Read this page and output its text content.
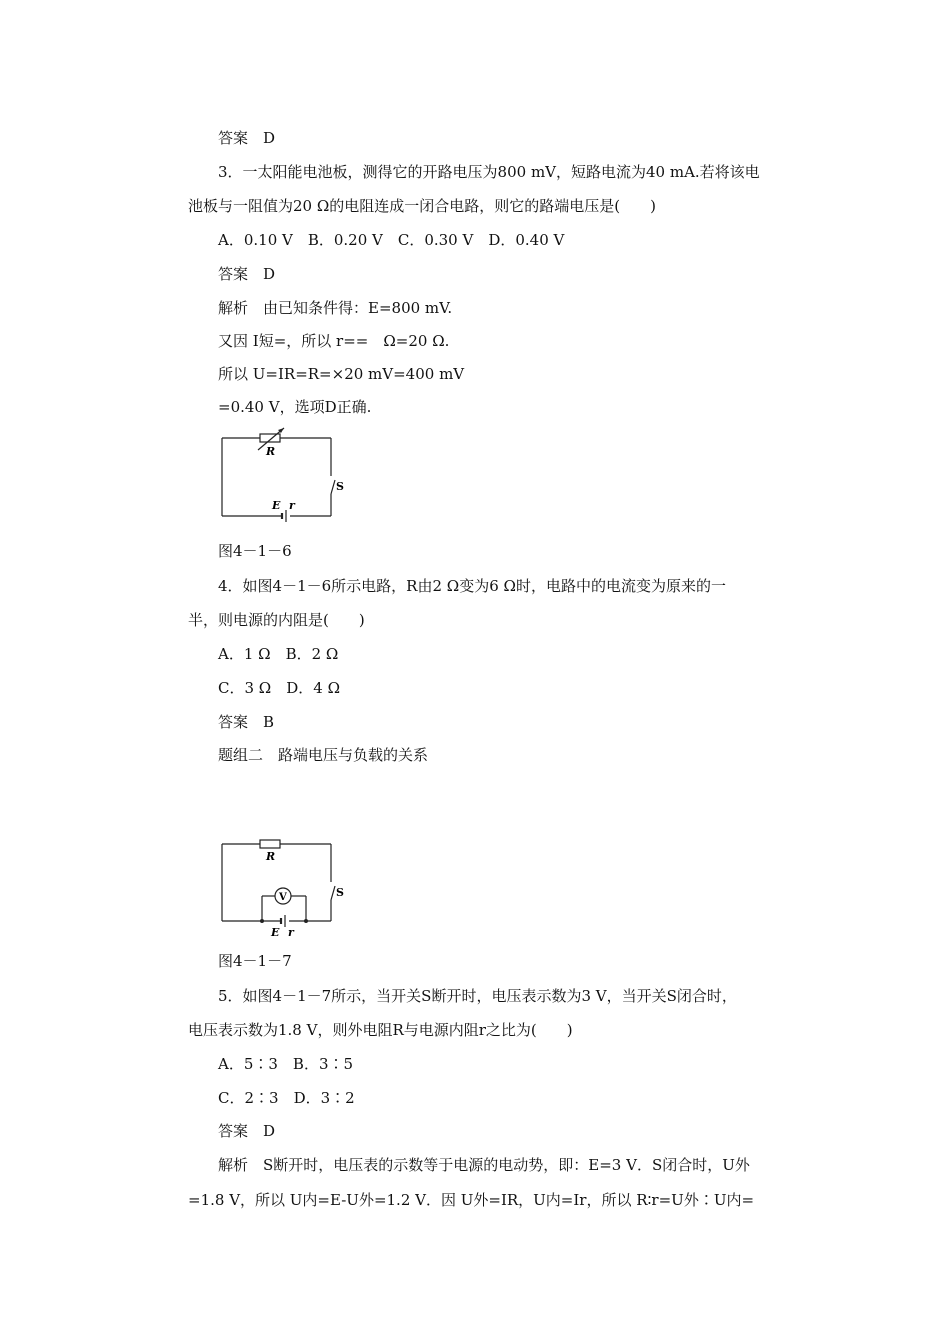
答案　D
3．一太阳能电池板，测得它的开路电压为800 mV，短路电流为40 mA.若将该电
池板与一阻值为20 Ω的电阻连成一闭合电路，则它的路端电压是(　　)
A．0.10 V　B．0.20 V　C．0.30 V　D．0.40 V
答案　D
解析　由已知条件得：E=800 mV.
又因 I短=，所以 r==　Ω=20 Ω.
所以 U=IR=R=×20 mV=400 mV
=0.40 V，选项D正确.
R
S
E r
图4－1－6
4．如图4－1－6所示电路，R由2 Ω变为6 Ω时，电路中的电流变为原来的一
半，则电源的内阻是(　　)
A．1 Ω　B．2 Ω
C．3 Ω　D．4 Ω
答案　B
题组二　路端电压与负载的关系
V
R
S
E r
图4－1－7
5．如图4－1－7所示，当开关S断开时，电压表示数为3 V，当开关S闭合时，
电压表示数为1.8 V，则外电阻R与电源内阻r之比为(　　)
A．5∶3　B．3∶5
C．2∶3　D．3∶2
答案　D
解析　S断开时，电压表的示数等于电源的电动势，即：E=3 V．S闭合时，U外
=1.8 V，所以 U内=E-U外=1.2 V．因 U外=IR，U内=Ir，所以 R∶r=U外∶U内=
